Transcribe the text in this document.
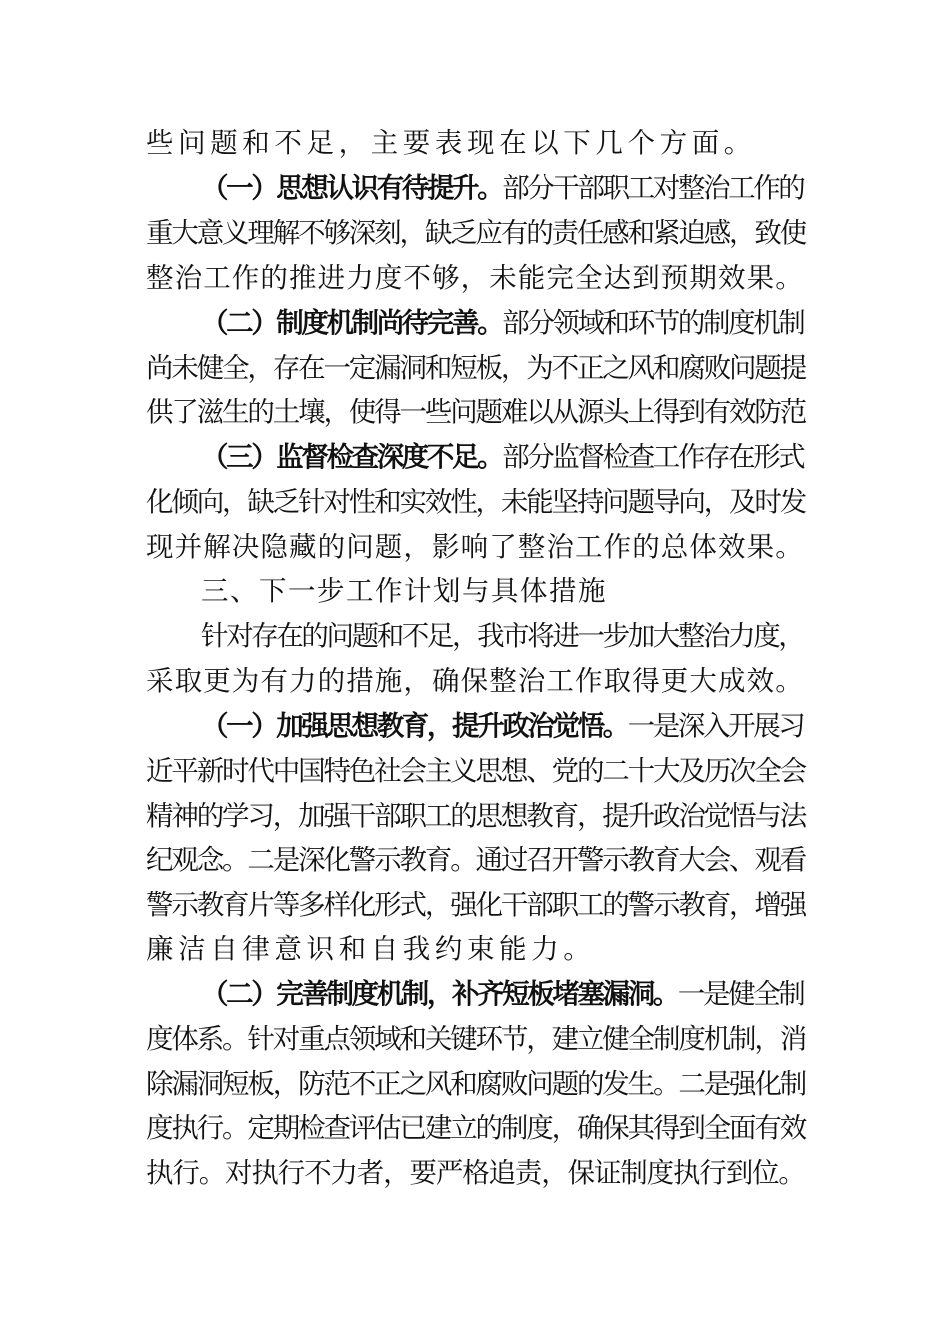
些问题和不足，主要表现在以下几个方面。
（一）思想认识有待提升。部分干部职工对整治工作的
重大意义理解不够深刻，缺乏应有的责任感和紧迫感，致使
整治工作的推进力度不够，未能完全达到预期效果。
（二）制度机制尚待完善。部分领域和环节的制度机制
尚未健全，存在一定漏洞和短板，为不正之风和腐败问题提
供了滋生的土壤，使得一些问题难以从源头上得到有效防范
（三）监督检查深度不足。部分监督检查工作存在形式
化倾向，缺乏针对性和实效性，未能坚持问题导向，及时发
现并解决隐藏的问题，影响了整治工作的总体效果。
三、下一步工作计划与具体措施
针对存在的问题和不足，我市将进一步加大整治力度，
采取更为有力的措施，确保整治工作取得更大成效。
（一）加强思想教育，提升政治觉悟。一是深入开展习
近平新时代中国特色社会主义思想、党的二十大及历次全会
精神的学习，加强干部职工的思想教育，提升政治觉悟与法
纪观念。二是深化警示教育。通过召开警示教育大会、观看
警示教育片等多样化形式，强化干部职工的警示教育，增强
廉洁自律意识和自我约束能力。
（二）完善制度机制，补齐短板堵塞漏洞。一是健全制
度体系。针对重点领域和关键环节，建立健全制度机制，消
除漏洞短板，防范不正之风和腐败问题的发生。二是强化制
度执行。定期检查评估已建立的制度，确保其得到全面有效
执行。对执行不力者，要严格追责，保证制度执行到位。
